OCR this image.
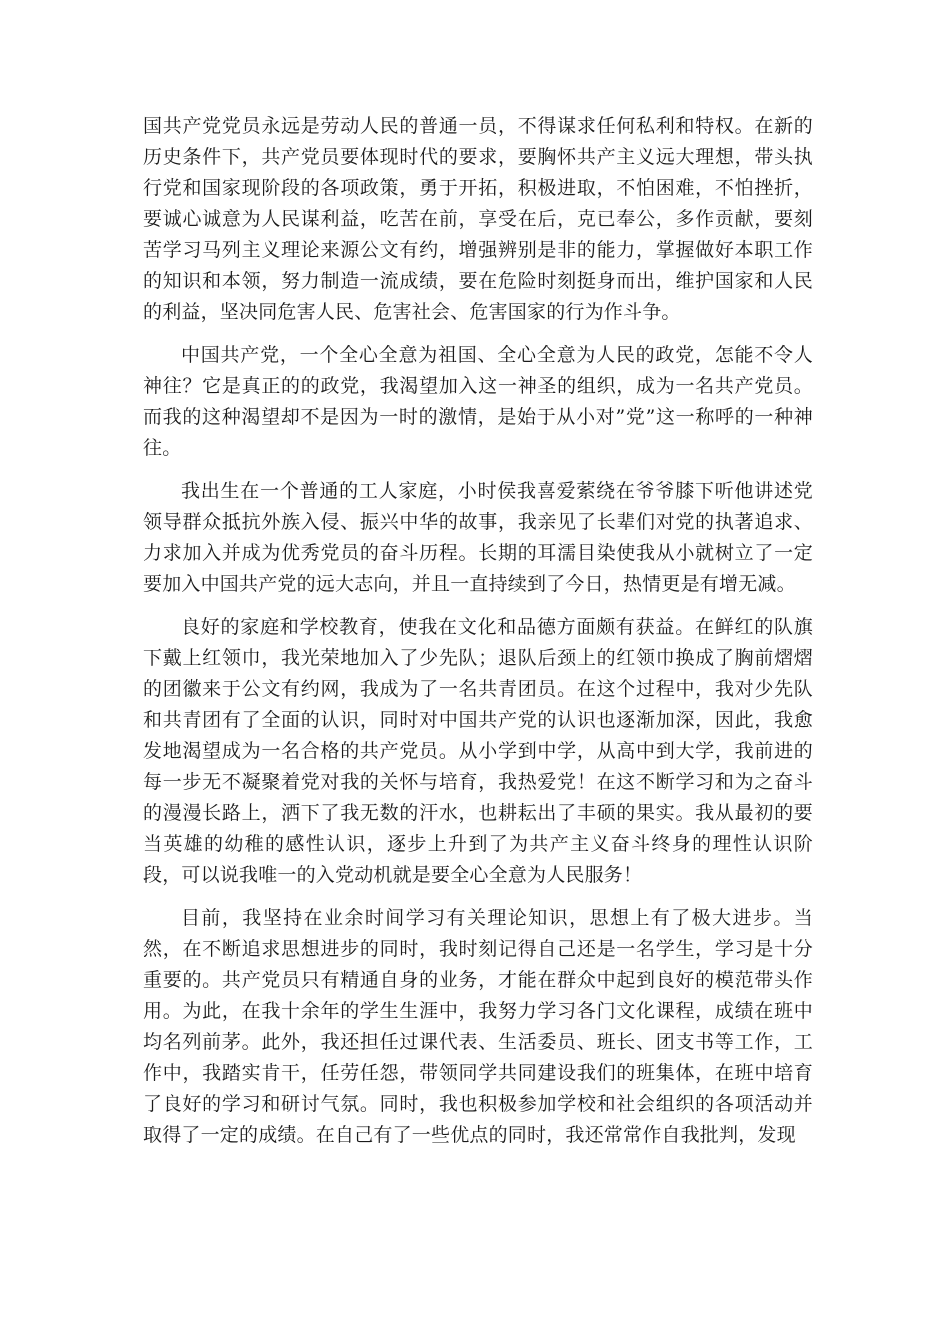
国共产党党员永远是劳动人民的普通一员，不得谋求任何私利和特权。在新的历史条件下，共产党员要体现时代的要求，要胸怀共产主义远大理想，带头执行党和国家现阶段的各项政策，勇于开拓，积极进取，不怕困难，不怕挫折，要诚心诚意为人民谋利益，吃苦在前，享受在后，克已奉公，多作贡献，要刻苦学习马列主义理论来源公文有约，增强辨别是非的能力，掌握做好本职工作的知识和本领，努力制造一流成绩，要在危险时刻挺身而出，维护国家和人民的利益，坚决同危害人民、危害社会、危害国家的行为作斗争。

中国共产党，一个全心全意为祖国、全心全意为人民的政党，怎能不令人神往？它是真正的的政党，我渴望加入这一神圣的组织，成为一名共产党员。而我的这种渴望却不是因为一时的激情，是始于从小对”党”这一称呼的一种神往。

我出生在一个普通的工人家庭，小时侯我喜爱萦绕在爷爷膝下听他讲述党领导群众抵抗外族入侵、振兴中华的故事，我亲见了长辈们对党的执著追求、力求加入并成为优秀党员的奋斗历程。长期的耳濡目染使我从小就树立了一定要加入中国共产党的远大志向，并且一直持续到了今日，热情更是有增无减。

良好的家庭和学校教育，使我在文化和品德方面颇有获益。在鲜红的队旗下戴上红领巾，我光荣地加入了少先队；退队后颈上的红领巾换成了胸前熠熠的团徽来于公文有约网，我成为了一名共青团员。在这个过程中，我对少先队和共青团有了全面的认识，同时对中国共产党的认识也逐渐加深，因此，我愈发地渴望成为一名合格的共产党员。从小学到中学，从高中到大学，我前进的每一步无不凝聚着党对我的关怀与培育，我热爱党！在这不断学习和为之奋斗的漫漫长路上，洒下了我无数的汗水，也耕耘出了丰硕的果实。我从最初的要当英雄的幼稚的感性认识，逐步上升到了为共产主义奋斗终身的理性认识阶段，可以说我唯一的入党动机就是要全心全意为人民服务！

目前，我坚持在业余时间学习有关理论知识，思想上有了极大进步。当然，在不断追求思想进步的同时，我时刻记得自己还是一名学生，学习是十分重要的。共产党员只有精通自身的业务，才能在群众中起到良好的模范带头作用。为此，在我十余年的学生生涯中，我努力学习各门文化课程，成绩在班中均名列前茅。此外，我还担任过课代表、生活委员、班长、团支书等工作，工作中，我踏实肯干，任劳任怨，带领同学共同建设我们的班集体，在班中培育了良好的学习和研讨气氛。同时，我也积极参加学校和社会组织的各项活动并取得了一定的成绩。在自己有了一些优点的同时，我还常常作自我批判，发现
